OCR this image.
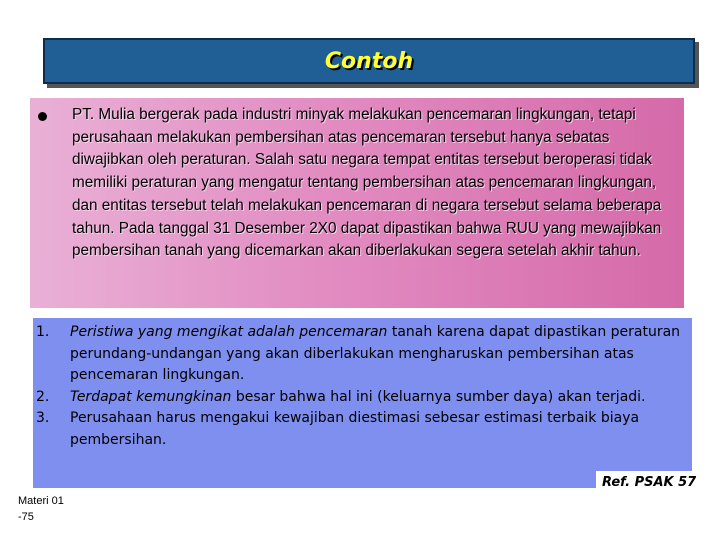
Contoh
PT. Mulia bergerak pada industri minyak melakukan pencemaran lingkungan, tetapi perusahaan melakukan pembersihan atas pencemaran tersebut hanya sebatas diwajibkan oleh peraturan. Salah satu negara tempat entitas tersebut beroperasi tidak memiliki peraturan yang mengatur tentang pembersihan atas pencemaran lingkungan, dan entitas tersebut telah melakukan pencemaran di negara tersebut selama beberapa tahun. Pada tanggal 31 Desember 2X0 dapat dipastikan bahwa RUU yang mewajibkan pembersihan tanah yang dicemarkan akan diberlakukan segera setelah akhir tahun.
1. Peristiwa yang mengikat adalah pencemaran tanah karena dapat dipastikan peraturan perundang-undangan yang akan diberlakukan mengharuskan pembersihan atas pencemaran lingkungan.
2. Terdapat kemungkinan besar bahwa hal ini (keluarnya sumber daya) akan terjadi.
3. Perusahaan harus mengakui kewajiban diestimasi sebesar estimasi terbaik biaya pembersihan.
Ref. PSAK 57
Materi 01
-75
